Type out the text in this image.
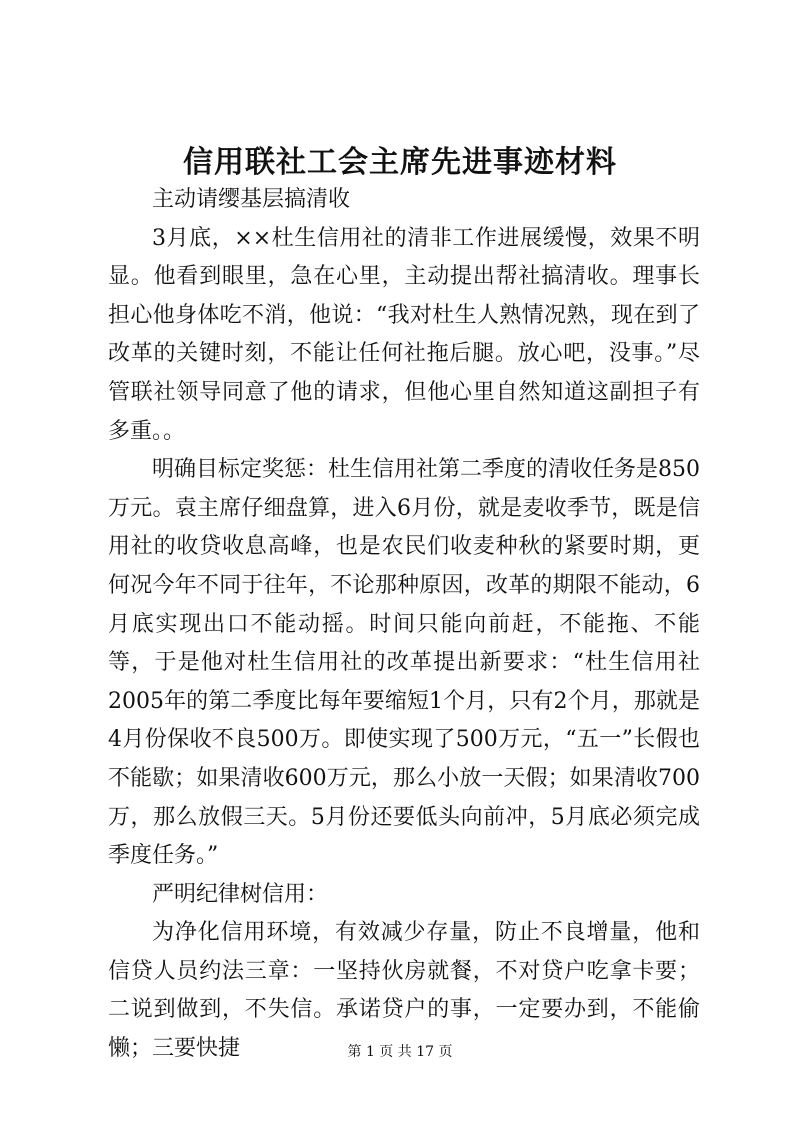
信用联社工会主席先进事迹材料

主动请缨基层搞清收

3月底，××杜生信用社的清非工作进展缓慢，效果不明显。他看到眼里，急在心里，主动提出帮社搞清收。理事长担心他身体吃不消，他说：“我对杜生人熟情况熟，现在到了改革的关键时刻，不能让任何社拖后腿。放心吧，没事。”尽管联社领导同意了他的请求，但他心里自然知道这副担子有多重。。

明确目标定奖惩：杜生信用社第二季度的清收任务是850万元。袁主席仔细盘算，进入6月份，就是麦收季节，既是信用社的收贷收息高峰，也是农民们收麦种秋的紧要时期，更何况今年不同于往年，不论那种原因，改革的期限不能动，6月底实现出口不能动摇。时间只能向前赶，不能拖、不能等，于是他对杜生信用社的改革提出新要求：“杜生信用社2005年的第二季度比每年要缩短1个月，只有2个月，那就是4月份保收不良500万。即使实现了500万元，“五一”长假也不能歇；如果清收600万元，那么小放一天假；如果清收700万，那么放假三天。5月份还要低头向前冲，5月底必须完成季度任务。”

严明纪律树信用：

为净化信用环境，有效减少存量，防止不良增量，他和信贷人员约法三章：一坚持伙房就餐，不对贷户吃拿卡要；二说到做到，不失信。承诺贷户的事，一定要办到，不能偷懒；三要快捷	第 1 页 共 17 页
